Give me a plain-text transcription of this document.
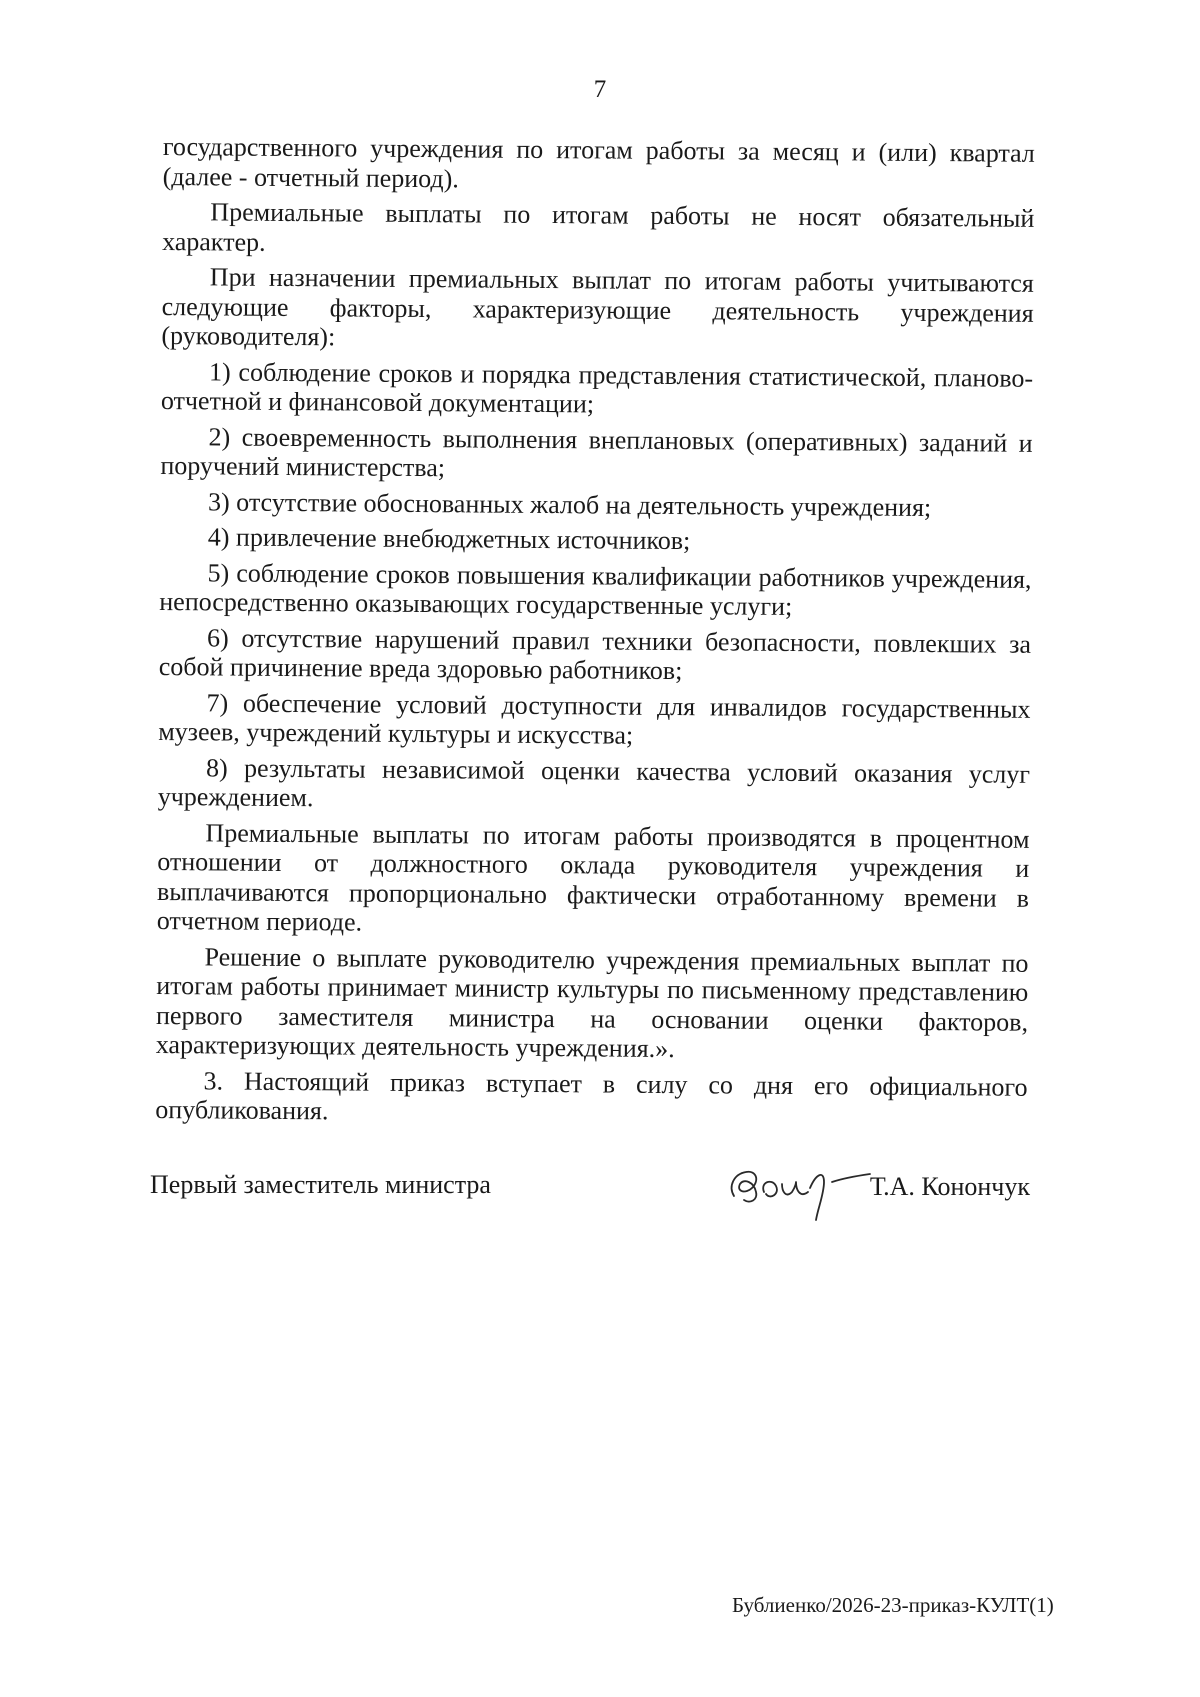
7

государственного учреждения по итогам работы за месяц и (или) квартал (далее - отчетный период).

Премиальные выплаты по итогам работы не носят обязательный характер.

При назначении премиальных выплат по итогам работы учитываются следующие факторы, характеризующие деятельность учреждения (руководителя):

1) соблюдение сроков и порядка представления статистической, планово-отчетной и финансовой документации;

2) своевременность выполнения внеплановых (оперативных) заданий и поручений министерства;

3) отсутствие обоснованных жалоб на деятельность учреждения;

4) привлечение внебюджетных источников;

5) соблюдение сроков повышения квалификации работников учреждения, непосредственно оказывающих государственные услуги;

6) отсутствие нарушений правил техники безопасности, повлекших за собой причинение вреда здоровью работников;

7) обеспечение условий доступности для инвалидов государственных музеев, учреждений культуры и искусства;

8) результаты независимой оценки качества условий оказания услуг учреждением.

Премиальные выплаты по итогам работы производятся в процентном отношении от должностного оклада руководителя учреждения и выплачиваются пропорционально фактически отработанному времени в отчетном периоде.

Решение о выплате руководителю учреждения премиальных выплат по итогам работы принимает министр культуры по письменному представлению первого заместителя министра на основании оценки факторов, характеризующих деятельность учреждения.».

3. Настоящий приказ вступает в силу со дня его официального опубликования.

Первый заместитель министра	Т.А. Конончук
Бублиенко/2026-23-приказ-КУЛТ(1)
